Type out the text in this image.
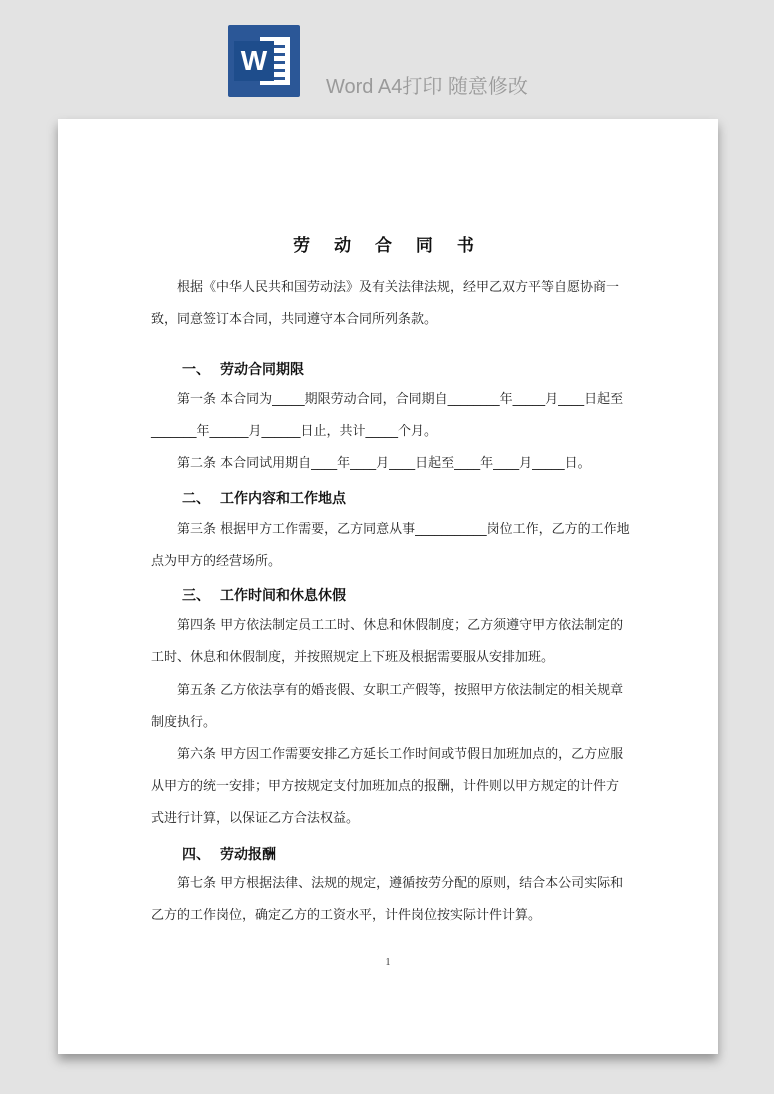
W
Word A4打印 随意修改
劳 动 合 同 书
根据《中华人民共和国劳动法》及有关法律法规，经甲乙双方平等自愿协商一致，同意签订本合同，共同遵守本合同所列条款。
一、 劳动合同期限
第一条 本合同为_____期限劳动合同，合同期自________年_____月____日起至_______年______月______日止，共计_____个月。
第二条 本合同试用期自____年____月____日起至____年____月_____日。
二、 工作内容和工作地点
第三条 根据甲方工作需要，乙方同意从事___________岗位工作，乙方的工作地点为甲方的经营场所。
三、 工作时间和休息休假
第四条 甲方依法制定员工工时、休息和休假制度；乙方须遵守甲方依法制定的工时、休息和休假制度，并按照规定上下班及根据需要服从安排加班。
第五条 乙方依法享有的婚丧假、女职工产假等，按照甲方依法制定的相关规章制度执行。
第六条 甲方因工作需要安排乙方延长工作时间或节假日加班加点的，乙方应服从甲方的统一安排；甲方按规定支付加班加点的报酬，计件则以甲方规定的计件方式进行计算，以保证乙方合法权益。
四、 劳动报酬
第七条 甲方根据法律、法规的规定，遵循按劳分配的原则，结合本公司实际和乙方的工作岗位，确定乙方的工资水平，计件岗位按实际计件计算。
1
